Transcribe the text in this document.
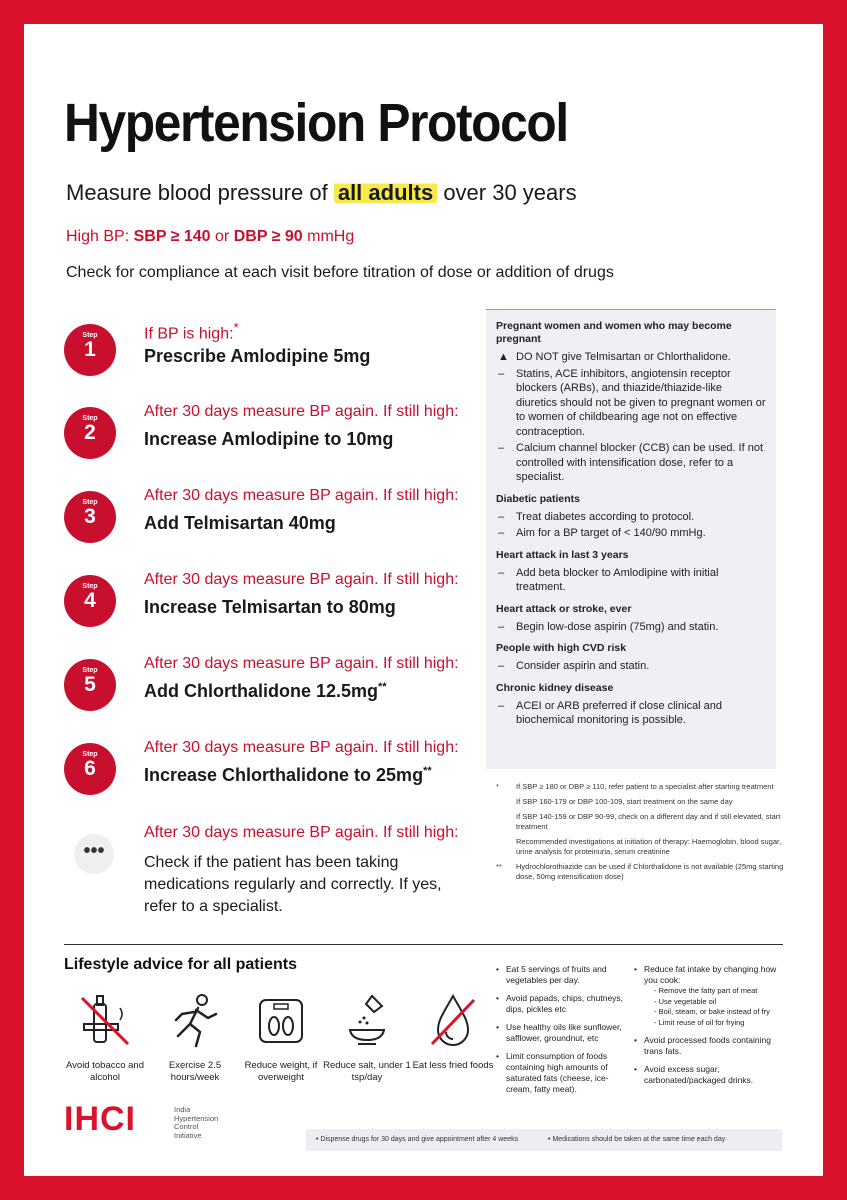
Hypertension Protocol
Measure blood pressure of all adults over 30 years
High BP: SBP ≥ 140 or DBP ≥ 90 mmHg
Check for compliance at each visit before titration of dose or addition of drugs
Step
1
If BP is high:*
Prescribe Amlodipine 5mg
Step
2
After 30 days measure BP again. If still high:
Increase Amlodipine to 10mg
Step
3
After 30 days measure BP again. If still high:
Add Telmisartan 40mg
Step
4
After 30 days measure BP again. If still high:
Increase Telmisartan to 80mg
Step
5
After 30 days measure BP again. If still high:
Add Chlorthalidone 12.5mg**
Step
6
After 30 days measure BP again. If still high:
Increase Chlorthalidone to 25mg**
•••
After 30 days measure BP again. If still high:
Check if the patient has been taking medications regularly and correctly. If yes, refer to a specialist.
Pregnant women and women who may become pregnant
▲ DO NOT give Telmisartan or Chlorthalidone.
– Statins, ACE inhibitors, angiotensin receptor blockers (ARBs), and thiazide/thiazide-like diuretics should not be given to pregnant women or to women of childbearing age not on effective contraception.
– Calcium channel blocker (CCB) can be used. If not controlled with intensification dose, refer to a specialist.
Diabetic patients
– Treat diabetes according to protocol.
– Aim for a BP target of < 140/90 mmHg.
Heart attack in last 3 years
– Add beta blocker to Amlodipine with initial treatment.
Heart attack or stroke, ever
– Begin low-dose aspirin (75mg) and statin.
People with high CVD risk
– Consider aspirin and statin.
Chronic kidney disease
– ACEI or ARB preferred if close clinical and biochemical monitoring is possible.
* If SBP ≥ 180 or DBP ≥ 110, refer patient to a specialist after starting treatment
If SBP 160-179 or DBP 100-109, start treatment on the same day
If SBP 140-159 or DBP 90-99, check on a different day and if still elevated, start treatment
Recommended investigations at initiation of therapy: Haemoglobin, blood sugar, urine analysis for proteinuria, serum creatinine
** Hydrochlorothiazide can be used if Chlorthalidone is not available (25mg starting dose, 50mg intensification dose)
Lifestyle advice for all patients
Avoid tobacco and alcohol
Exercise 2.5 hours/week
Reduce weight, if overweight
Reduce salt, under 1 tsp/day
Eat less fried foods
• Eat 5 servings of fruits and vegetables per day.
• Avoid papads, chips, chutneys, dips, pickles etc
• Use healthy oils like sunflower, safflower, groundnut, etc
• Limit consumption of foods containing high amounts of saturated fats (cheese, ice-cream, fatty meat).
• Reduce fat intake by changing how you cook:
- Remove the fatty part of meat
- Use vegetable oil
- Boil, steam, or bake instead of fry
- Limit reuse of oil for frying
• Avoid processed foods containing trans fats.
• Avoid excess sugar, carbonated/packaged drinks.
IHCI	India
Hypertension
Control
Initiative	• Dispense drugs for 30 days and give appointment after 4 weeks	• Medications should be taken at the same time each day
